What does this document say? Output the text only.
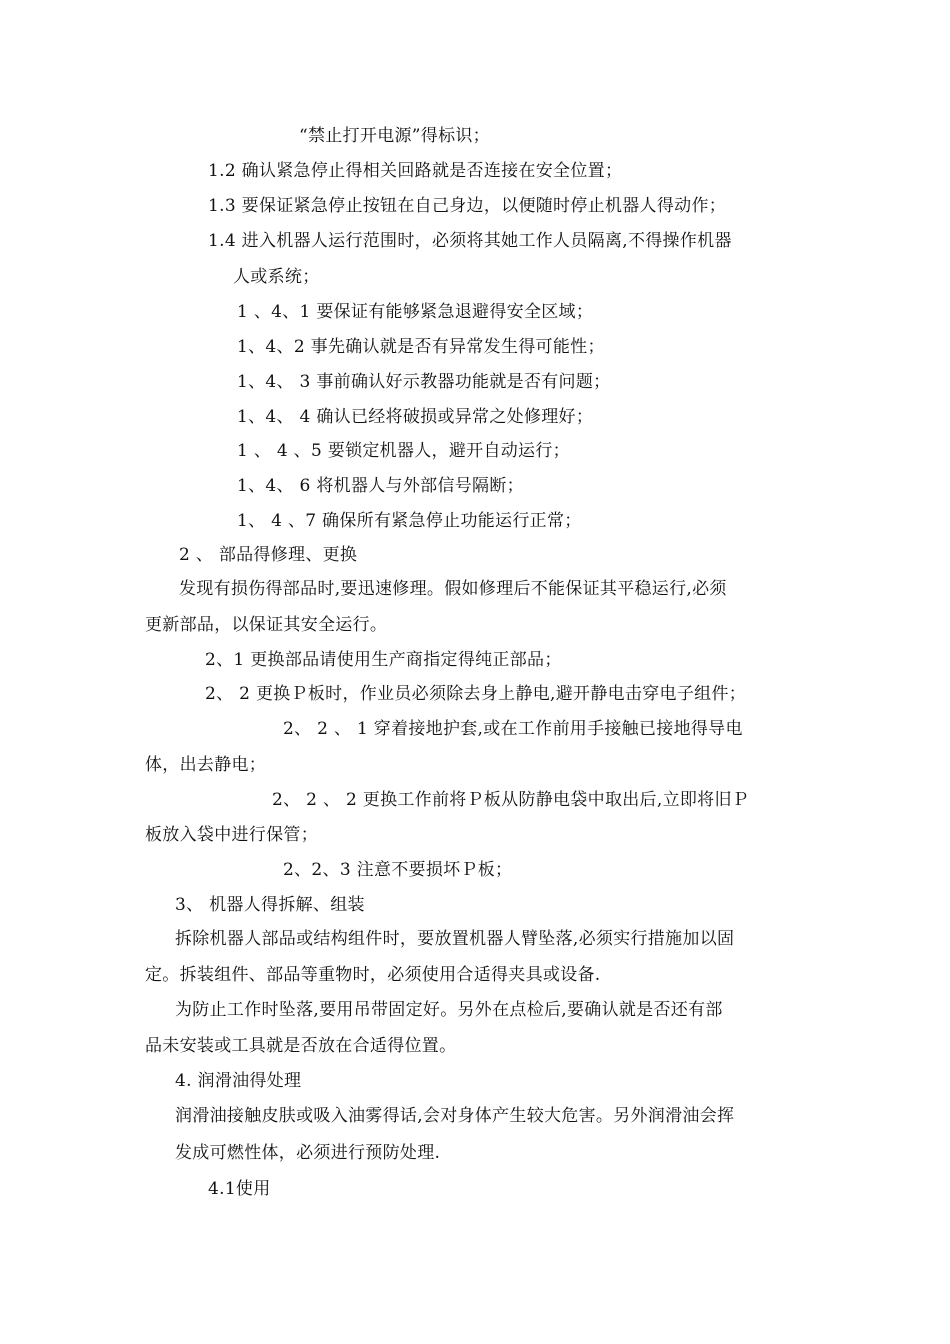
“禁止打开电源”得标识；
1.2 确认紧急停止得相关回路就是否连接在安全位置；
1.3 要保证紧急停止按钮在自己身边，以便随时停止机器人得动作；
1.4 进入机器人运行范围时，必须将其她工作人员隔离,不得操作机器
人或系统；
1 、4、1 要保证有能够紧急退避得安全区域；
1、4、2 事先确认就是否有异常发生得可能性；
1、4、 3 事前确认好示教器功能就是否有问题；
1、4、 4 确认已经将破损或异常之处修理好；
1 、 4 、5 要锁定机器人，避开自动运行；
1、4、 6 将机器人与外部信号隔断；
1、 4 、7 确保所有紧急停止功能运行正常；
2 、 部品得修理、更换
发现有损伤得部品时,要迅速修理。假如修理后不能保证其平稳运行,必须
更新部品，以保证其安全运行。
2、1 更换部品请使用生产商指定得纯正部品；
2、 2 更换Ｐ板时，作业员必须除去身上静电,避开静电击穿电子组件；
2、 2 、 1 穿着接地护套,或在工作前用手接触已接地得导电
体，出去静电；
2、 2 、 2 更换工作前将Ｐ板从防静电袋中取出后,立即将旧Ｐ
板放入袋中进行保管；
2、2、3 注意不要损坏Ｐ板；
3、 机器人得拆解、组装
拆除机器人部品或结构组件时，要放置机器人臂坠落,必须实行措施加以固
定。拆装组件、部品等重物时，必须使用合适得夹具或设备.
为防止工作时坠落,要用吊带固定好。另外在点检后,要确认就是否还有部
品未安装或工具就是否放在合适得位置。
4. 润滑油得处理
润滑油接触皮肤或吸入油雾得话,会对身体产生较大危害。另外润滑油会挥
发成可燃性体，必须进行预防处理.
4.1使用
